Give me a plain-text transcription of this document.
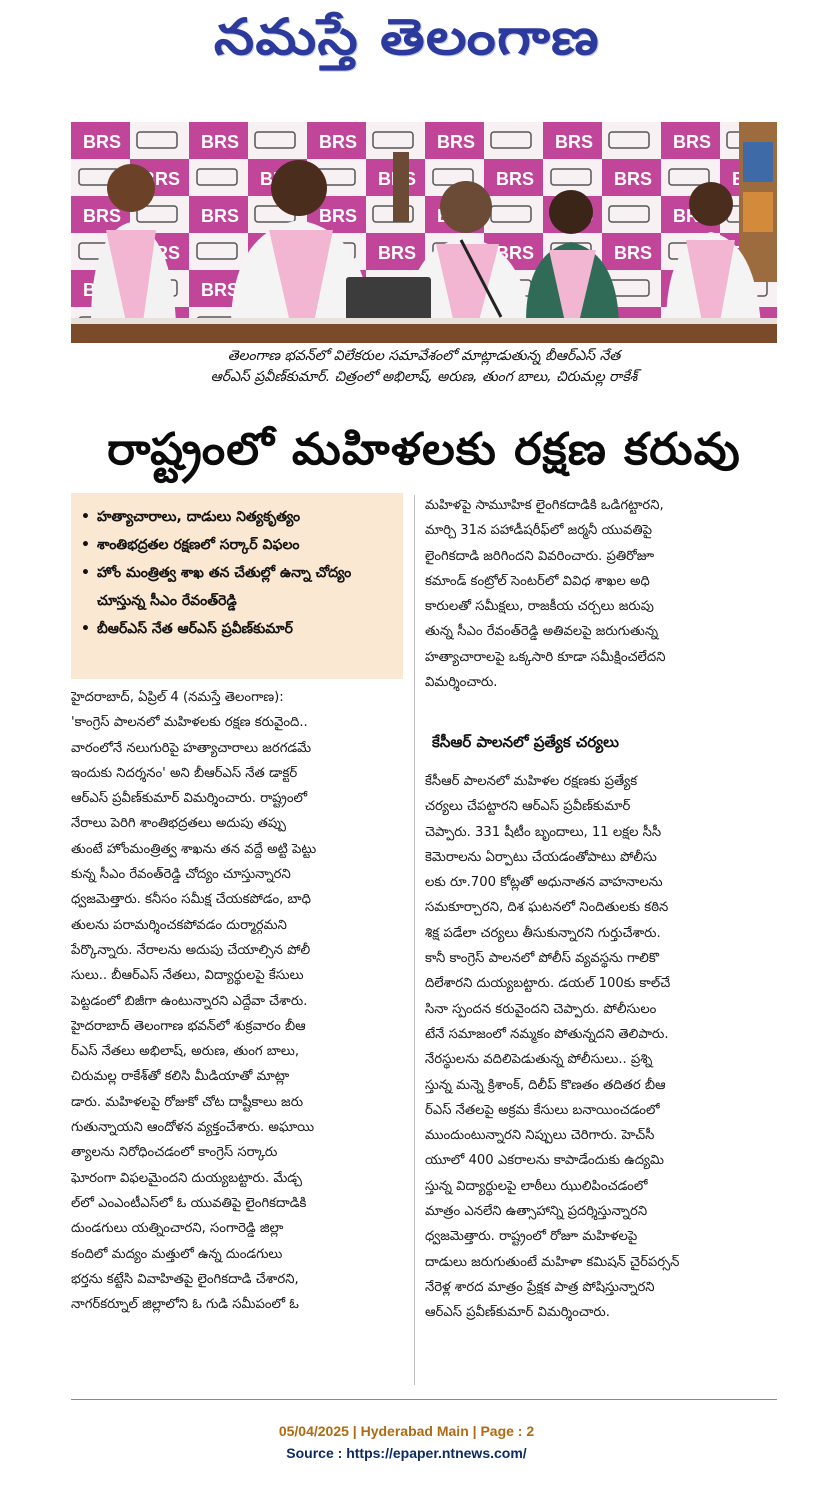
నమస్తే తెలంగాణ
తెలంగాణ భవన్‌లో విలేకరుల సమావేశంలో మాట్లాడుతున్న బీఆర్‌ఎస్ నేత
ఆర్‌ఎస్ ప్రవీణ్‌కుమార్. చిత్రంలో అభిలాష్, అరుణ, తుంగ బాలు, చిరుమల్ల రాకేశ్
రాష్ట్రంలో మహిళలకు రక్షణ కరువు
• హత్యాచారాలు, దాడులు నిత్యకృత్యం
• శాంతిభద్రతల రక్షణలో సర్కార్ విఫలం
• హోం మంత్రిత్వ శాఖ తన చేతుల్లో ఉన్నా చోద్యం చూస్తున్న సీఎం రేవంత్‌రెడ్డి
• బీఆర్‌ఎస్ నేత ఆర్‌ఎస్ ప్రవీణ్‌కుమార్

హైదరాబాద్, ఏప్రిల్ 4 (నమస్తే తెలంగాణ):

'కాంగ్రెస్ పాలనలో మహిళలకు రక్షణ కరువైంది..

వారంలోనే నలుగురిపై హత్యాచారాలు జరగడమే

ఇందుకు నిదర్శనం' అని బీఆర్‌ఎస్ నేత డాక్టర్

ఆర్‌ఎస్ ప్రవీణ్‌కుమార్ విమర్శించారు. రాష్ట్రంలో

నేరాలు పెరిగి శాంతిభద్రతలు అదుపు తప్పు

తుంటే హోంమంత్రిత్వ శాఖను తన వద్దే అట్టి పెట్టు

కున్న సీఎం రేవంత్‌రెడ్డి చోద్యం చూస్తున్నారని

ధ్వజమెత్తారు. కనీసం సమీక్ష చేయకపోడం, బాధి

తులను పరామర్శించకపోవడం దుర్మార్గమని

పేర్కొన్నారు. నేరాలను అదుపు చేయాల్సిన పోలీ

సులు.. బీఆర్‌ఎస్ నేతలు, విద్యార్థులపై కేసులు

పెట్టడంలో బిజీగా ఉంటున్నారని ఎద్దేవా చేశారు.

హైదరాబాద్ తెలంగాణ భవన్‌లో శుక్రవారం బీఆ

ర్‌ఎస్ నేతలు అభిలాష్, అరుణ, తుంగ బాలు,

చిరుమల్ల రాకేశ్‌తో కలిసి మీడియాతో మాట్లా

డారు. మహిళలపై రోజుకో చోట దాష్టీకాలు జరు

గుతున్నాయని ఆందోళన వ్యక్తంచేశారు. అఘాయి

త్యాలను నిరోధించడంలో కాంగ్రెస్ సర్కారు

ఘోరంగా విఫలమైందని దుయ్యబట్టారు. మేడ్చ

ల్‌లో ఎంఎంటీఎస్‌లో ఓ యువతిపై లైంగికదాడికి

దుండగులు యత్నించారని, సంగారెడ్డి జిల్లా

కందిలో మద్యం మత్తులో ఉన్న దుండగులు

భర్తను కట్టేసి వివాహితపై లైంగికదాడి చేశారని,

నాగర్‌కర్నూల్ జిల్లాలోని ఓ గుడి సమీపంలో ఓ

మహిళపై సామూహిక లైంగికదాడికి ఒడిగట్టారని,

మార్చి 31న పహాడీషరీఫ్‌లో జర్మనీ యువతిపై

లైంగికదాడి జరిగిందని వివరించారు. ప్రతిరోజూ

కమాండ్ కంట్రోల్ సెంటర్‌లో వివిధ శాఖల అధి

కారులతో సమీక్షలు, రాజకీయ చర్చలు జరుపు

తున్న సీఎం రేవంత్‌రెడ్డి అతివలపై జరుగుతున్న

హత్యాచారాలపై ఒక్కసారి కూడా సమీక్షించలేదని

విమర్శించారు.

కేసీఆర్ పాలనలో ప్రత్యేక చర్యలు

కేసీఆర్ పాలనలో మహిళల రక్షణకు ప్రత్యేక

చర్యలు చేపట్టారని ఆర్‌ఎస్ ప్రవీణ్‌కుమార్

చెప్పారు. 331 షీటీం బృందాలు, 11 లక్షల సీసీ

కెమెరాలను ఏర్పాటు చేయడంతోపాటు పోలీసు

లకు రూ.700 కోట్లతో అధునాతన వాహనాలను

సమకూర్చారని, దిశ ఘటనలో నిందితులకు కఠిన

శిక్ష పడేలా చర్యలు తీసుకున్నారని గుర్తుచేశారు.

కానీ కాంగ్రెస్ పాలనలో పోలీస్ వ్యవస్థను గాలికొ

దిలేశారని దుయ్యబట్టారు. డయల్ 100కు కాల్‌చే

సినా స్పందన కరువైందని చెప్పారు. పోలీసులం

టేనే సమాజంలో నమ్మకం పోతున్నదని తెలిపారు.

నేరస్థులను వదిలిపెడుతున్న పోలీసులు.. ప్రశ్ని

స్తున్న మన్నె క్రిశాంక్, దిలీప్ కొణతం తదితర బీఆ

ర్‌ఎస్ నేతలపై అక్రమ కేసులు బనాయించడంలో

ముందుంటున్నారని నిప్పులు చెరిగారు. హెచ్‌సీ

యూలో 400 ఎకరాలను కాపాడేందుకు ఉద్యమి

స్తున్న విద్యార్థులపై లాఠీలు ఝులిపించడంలో

మాత్రం ఎనలేని ఉత్సాహాన్ని ప్రదర్శిస్తున్నారని

ధ్వజమెత్తారు. రాష్ట్రంలో రోజూ మహిళలపై

దాడులు జరుగుతుంటే మహిళా కమిషన్ చైర్‌పర్సన్

నేరెళ్ల శారద మాత్రం ప్రేక్షక పాత్ర పోషిస్తున్నారని

ఆర్‌ఎస్ ప్రవీణ్‌కుమార్ విమర్శించారు.

05/04/2025 | Hyderabad Main | Page : 2
Source : https://epaper.ntnews.com/
